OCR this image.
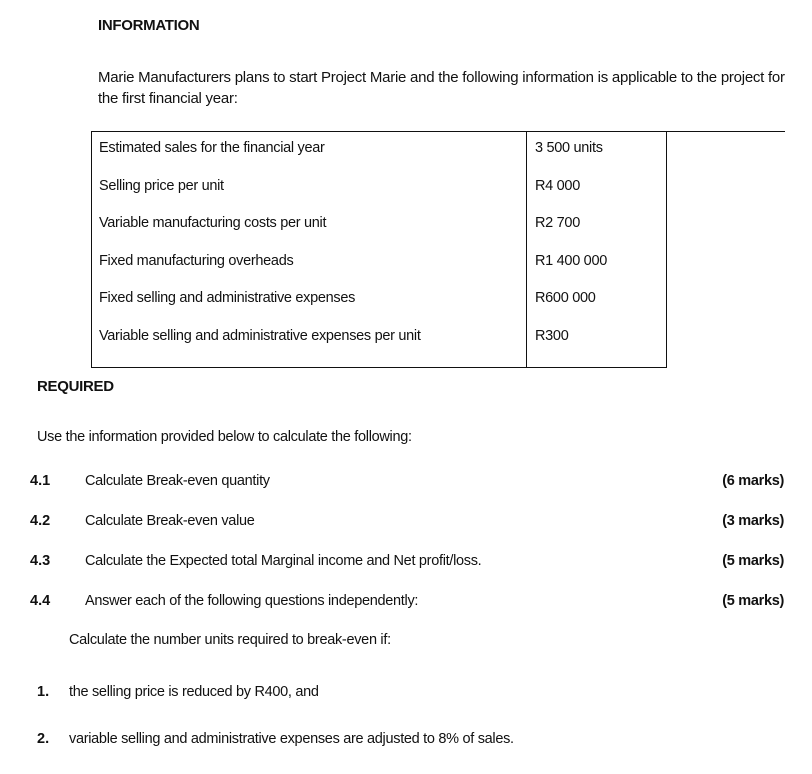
INFORMATION
Marie Manufacturers plans to start Project Marie and the following information is applicable to the project for the first financial year:
Estimated sales for the financial year	3 500 units
Selling price per unit	R4 000
Variable manufacturing costs per unit	R2 700
Fixed manufacturing overheads	R1 400 000
Fixed selling and administrative expenses	R600 000
Variable selling and administrative expenses per unit	R300
REQUIRED
Use the information provided below to calculate the following:
4.1 Calculate Break-even quantity	(6 marks)
4.2 Calculate Break-even value	(3 marks)
4.3 Calculate the Expected total Marginal income and Net profit/loss.	(5 marks)
4.4 Answer each of the following questions independently:	(5 marks)
Calculate the number units required to break-even if:
1. the selling price is reduced by R400, and
2. variable selling and administrative expenses are adjusted to 8% of sales.
